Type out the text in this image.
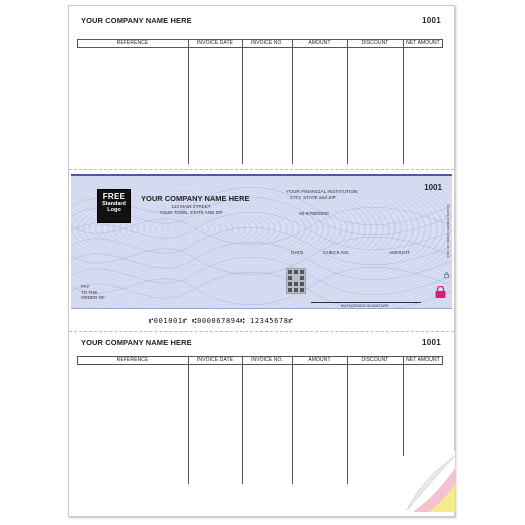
YOUR COMPANY NAME HERE	1001
REFERENCE	INVOICE DATE	INVOICE NO.	AMOUNT	DISCOUNT	NET AMOUNT
FREE
Standard
Logo
YOUR COMPANY NAME HERE
123 MAIN STREET
YOUR TOWN, STATE AND ZIP
YOUR FINANCIAL INSTITUTION
CITY, STATE and ZIP
1001
00-6789/0000
DATE	CHECK NO.	AMOUNT
PAY
TO THE
ORDER OF
AUTHORIZED SIGNATURE
Security features. Details on back.
⑈001001⑈ ⑆000067894⑆ 12345678⑈
YOUR COMPANY NAME HERE	1001
REFERENCE	INVOICE DATE	INVOICE NO.	AMOUNT	DISCOUNT	NET AMOUNT
